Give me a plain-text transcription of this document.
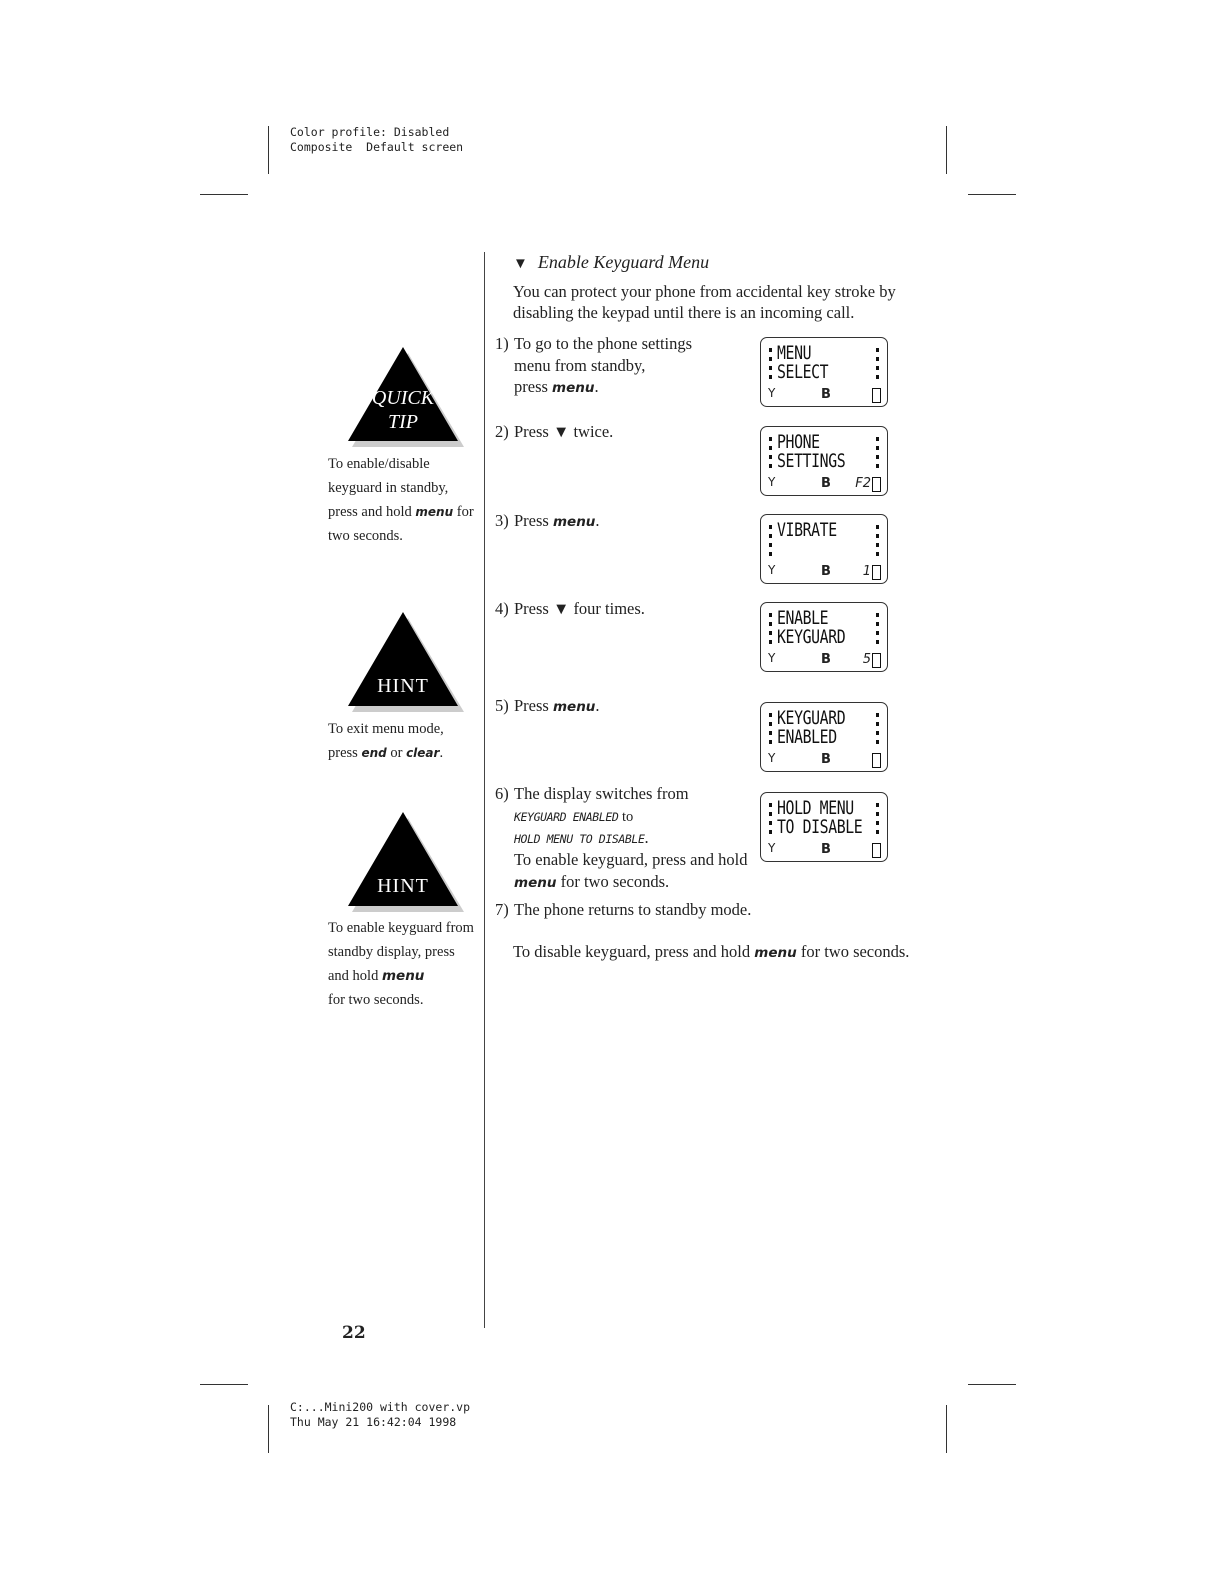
Color profile: Disabled
Composite  Default screen
C:...Mini200 with cover.vp
Thu May 21 16:42:04 1998
▼ Enable Keyguard Menu
You can protect your phone from accidental key stroke by
disabling the keypad until there is an incoming call.
1) To go to the phone settings
menu from standby,
press menu.
2) Press ▼ twice.
3) Press menu.
4) Press ▼ four times.
5) Press menu.
6) The display switches from
KEYGUARD ENABLED to
HOLD MENU TO DISABLE.
To enable keyguard, press and hold
menu for two seconds.
7) The phone returns to standby mode.
To disable keyguard, press and hold menu for two seconds.
MENU
SELECT
Y	B
PHONE
SETTINGS
Y	B F2
VIBRATE
Y	B 1
ENABLE
KEYGUARD
Y	B 5
KEYGUARD
ENABLED
Y	B
HOLD MENU
TO DISABLE
Y	B
QUICK
TIP
To enable/disable
keyguard in standby,
press and hold menu for
two seconds.
HINT
To exit menu mode,
press end or clear.
HINT
To enable keyguard from
standby display, press
and hold menu
for two seconds.
22
